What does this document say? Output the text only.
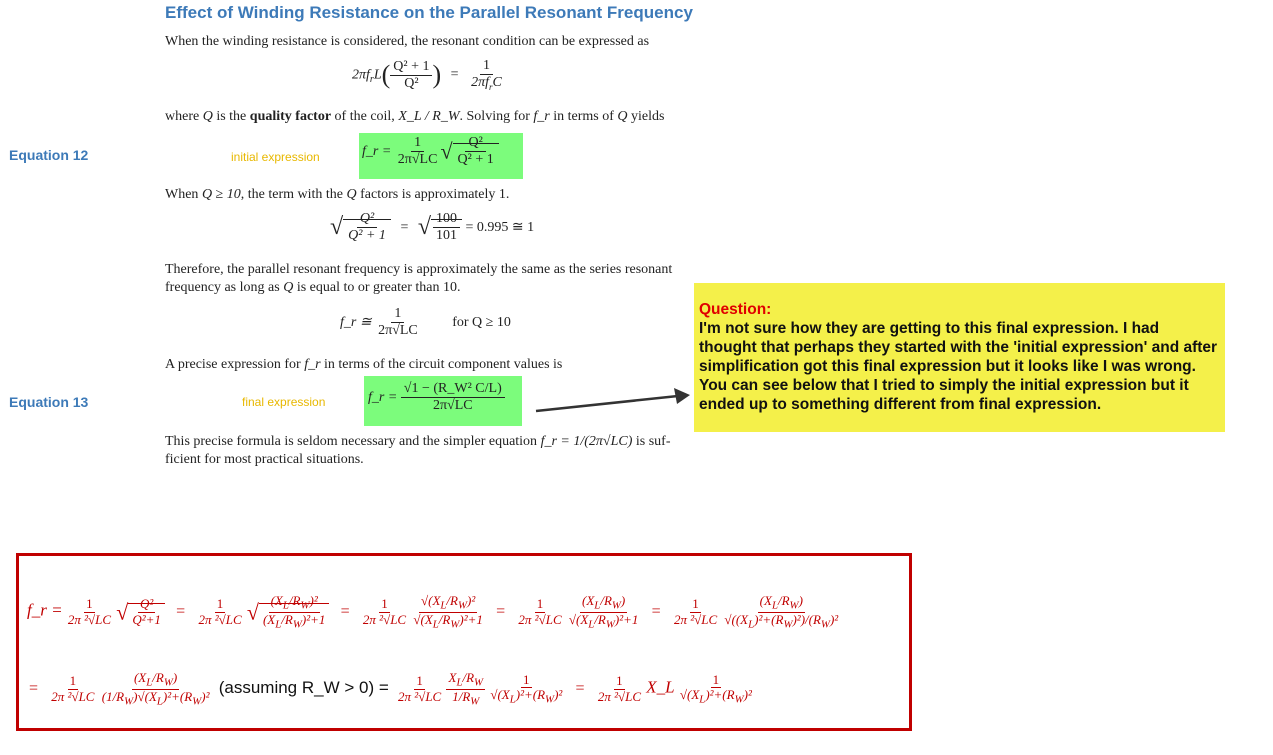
Effect of Winding Resistance on the Parallel Resonant Frequency
When the winding resistance is considered, the resonant condition can be expressed as
$2\pi f_rL( \frac{\text{Q² + 1}}{\text{Q²}}$ ) = $\frac{1}{2\pi f_rC}$
where Q is the quality factor of the coil, X_L / R_W. Solving for f_r in terms of Q yields
Equation 12	initial expression	f_r = $\frac{1}{2\pi√LC}$ √ $\frac{\text{Q²}}{\text{Q² + 1}}$
When Q ≥ 10, the term with the Q factors is approximately 1.
√ $\frac{\text{Q²}}{\text{Q² + 1}}$ = √ $\frac{100}{101} = 0.995$ ≅ 1
Therefore, the parallel resonant frequency is approximately the same as the series resonant
frequency as long as Q is equal to or greater than 10.
f_r ≅ $\frac{1}{2\pi√LC}$ for Q ≥ 10
A precise expression for f_r in terms of the circuit component values is
Equation 13	final expression	f_r = $\frac{\text{√1 − (R\_W² C/L)}}{2\pi√LC}$
This precise formula is seldom necessary and the simpler equation f_r = 1/(2π√LC) is suf-
ficient for most practical situations.
Question:
I'm not sure how they are getting to this final expression. I had thought that perhaps they started with the 'initial expression' and after simplification got this final expression but it looks like I was wrong. You can see below that I tried to simply the initial expression but it ended up to something different from final expression.
f_r = $\frac{1}{\text{2π ²√LC}}$ √ $\frac{\text{Q²}}{\text{Q²+1}} = \frac{1}{\text{2π ²√LC}}$ √ $\frac{(X_L/R_W)^2}{(X_L/R_W)^2+1} = \frac{1}{\text{2π ²√LC}}$
$\frac{√(X_L/R_W)^2}{√(X_L/R_W)^2+1} = \frac{1}{\text{2π ²√LC}}$
$\frac{(X_L/R_W)}{√(X_L/R_W)^2+1} = \frac{1}{\text{2π ²√LC}}$
$\frac{(X_L/R_W)}{√((X_L)^2+(R_W)^2)/(R_W)^2}$
= $\frac{1}{\text{2π ²√LC}}$
$\frac{(X_L/R_W)}{(1/R_W)√(X_L)^2+(R_W)^2}$ (assuming R_W > $0) = \frac{1}{\text{2π ²√LC}}$
$\frac{X_L/R_W}{1/R_W}$
$\frac{1}{√(X_L)^2+(R_W)^2} = \frac{1}{\text{2π ²√LC}}$ X_L $\frac{1}{√(X_L)^2+(R_W)^2}$
